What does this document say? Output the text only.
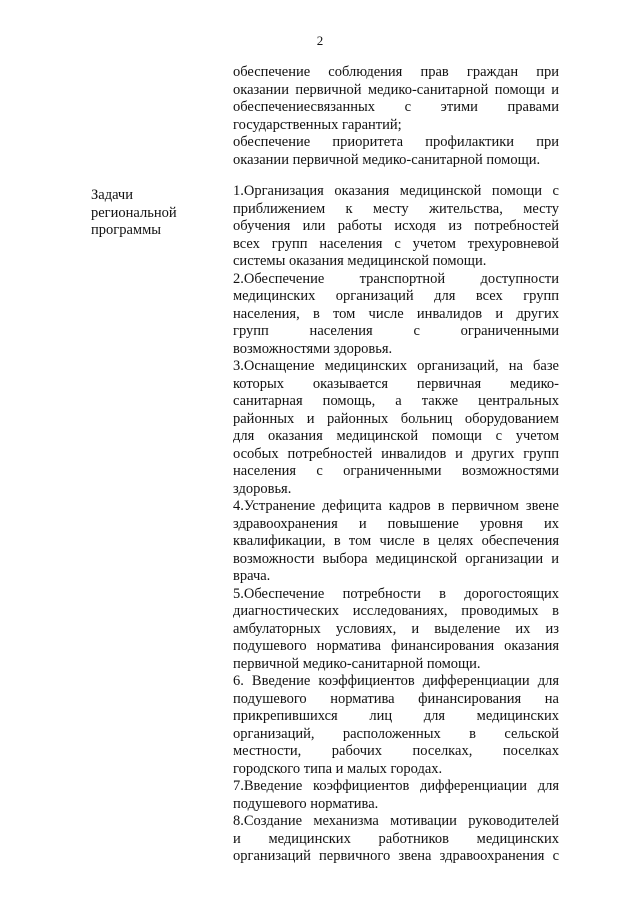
2

обеспечение соблюдения прав граждан при

оказании первичной медико-санитарной помощи и

обеспечениесвязанных с этими правами

государственных гарантий;

обеспечение приоритета профилактики при

оказании первичной медико-санитарной помощи.

Задачи
региональной
программы

1.Организация оказания медицинской помощи с

приближением к месту жительства, месту

обучения или работы исходя из потребностей

всех групп населения с учетом трехуровневой

системы оказания медицинской помощи.

2.Обеспечение транспортной доступности

медицинских организаций для всех групп

населения, в том числе инвалидов и других

групп населения с ограниченными

возможностями здоровья.

3.Оснащение медицинских организаций, на базе

которых оказывается первичная медико-

санитарная помощь, а также центральных

районных и районных больниц оборудованием

для оказания медицинской помощи с учетом

особых потребностей инвалидов и других групп

населения с ограниченными возможностями

здоровья.

4.Устранение дефицита кадров в первичном звене

здравоохранения и повышение уровня их

квалификации, в том числе в целях обеспечения

возможности выбора медицинской организации и

врача.

5.Обеспечение потребности в дорогостоящих

диагностических исследованиях, проводимых в

амбулаторных условиях, и выделение их из

подушевого норматива финансирования оказания

первичной медико-санитарной помощи.

6. Введение коэффициентов дифференциации для

подушевого норматива финансирования на

прикрепившихся лиц для медицинских

организаций, расположенных в сельской

местности, рабочих поселках, поселках

городского типа и малых городах.

7.Введение коэффициентов дифференциации для

подушевого норматива.

8.Создание механизма мотивации руководителей

и медицинских работников медицинских

организаций первичного звена здравоохранения с
